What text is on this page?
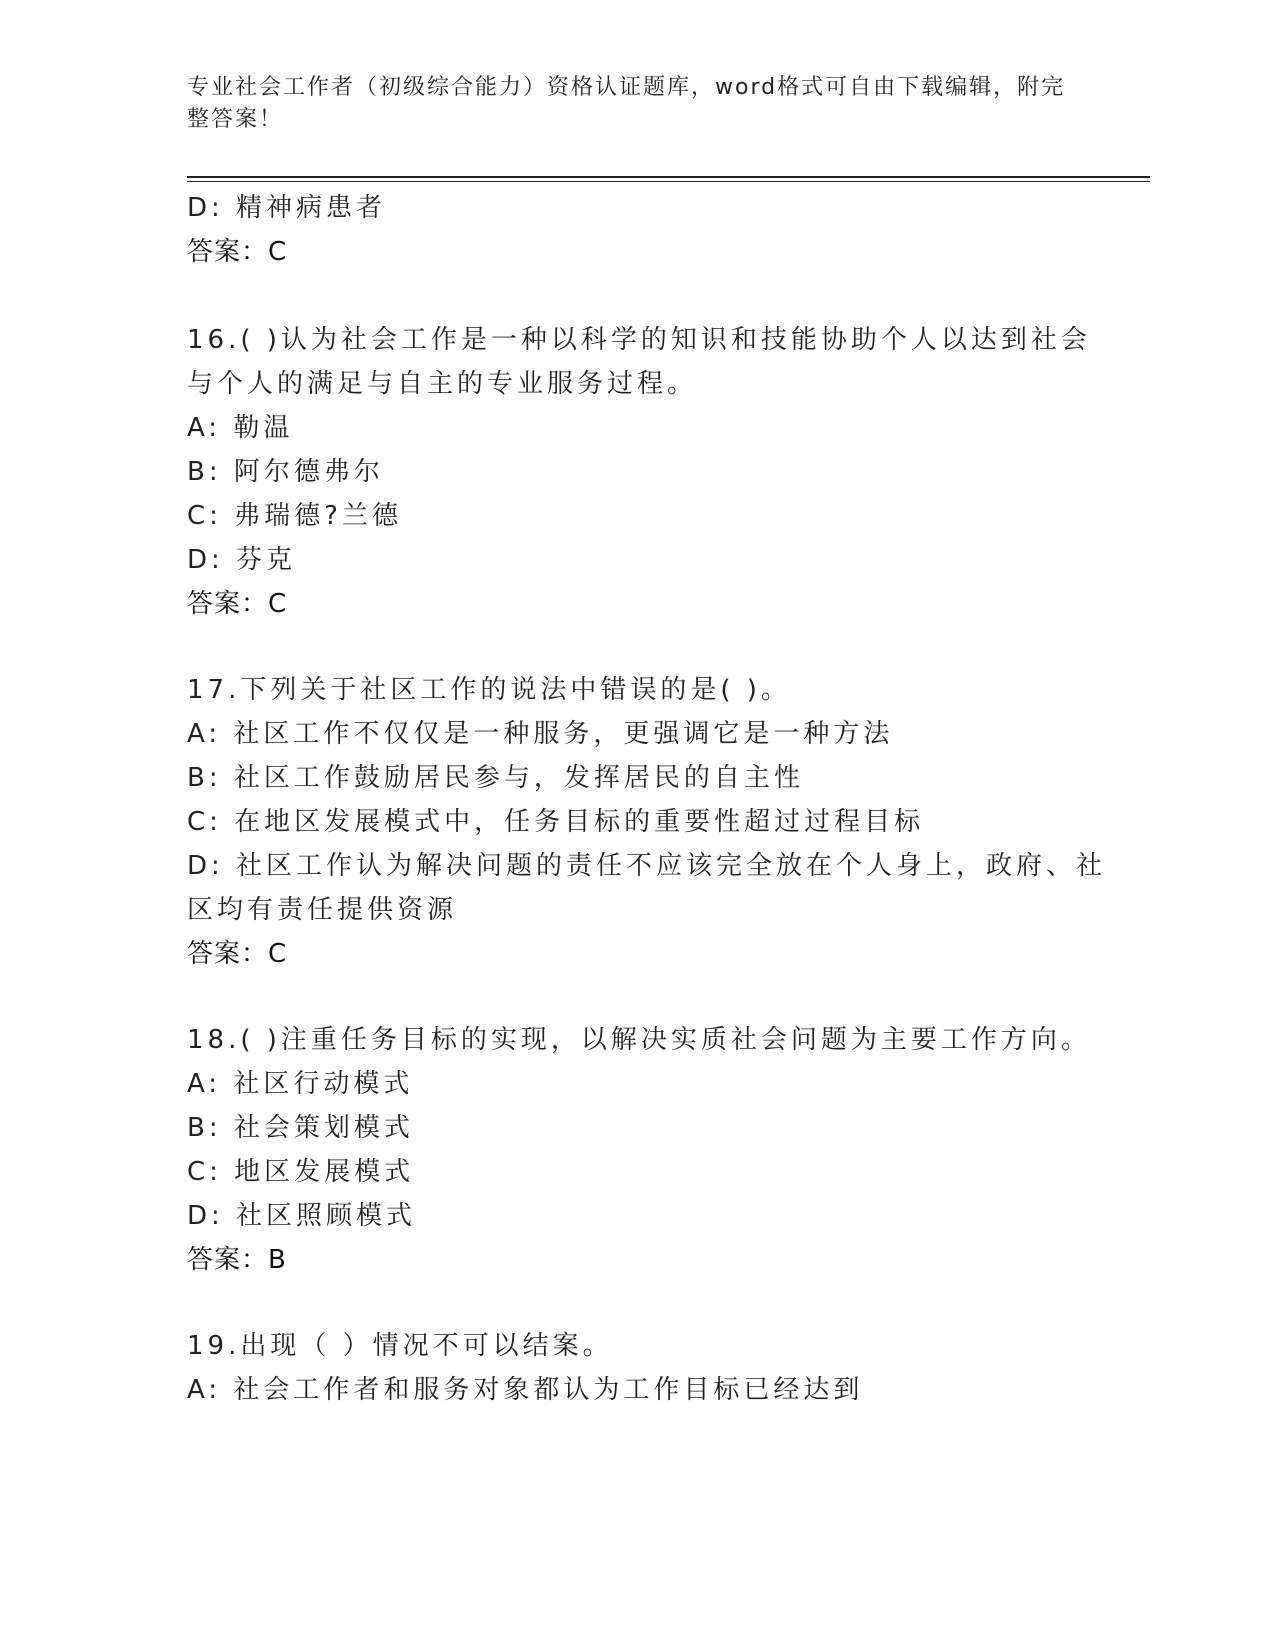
专业社会工作者（初级综合能力）资格认证题库，word格式可自由下载编辑，附完整答案！
D: 精神病患者
答案：C
16.( )认为社会工作是一种以科学的知识和技能协助个人以达到社会
与个人的满足与自主的专业服务过程。
A: 勒温
B: 阿尔德弗尔
C: 弗瑞德?兰德
D: 芬克
答案：C
17.下列关于社区工作的说法中错误的是( )。
A: 社区工作不仅仅是一种服务，更强调它是一种方法
B: 社区工作鼓励居民参与，发挥居民的自主性
C: 在地区发展模式中，任务目标的重要性超过过程目标
D: 社区工作认为解决问题的责任不应该完全放在个人身上，政府、社
区均有责任提供资源
答案：C
18.( )注重任务目标的实现，以解决实质社会问题为主要工作方向。
A: 社区行动模式
B: 社会策划模式
C: 地区发展模式
D: 社区照顾模式
答案：B
19.出现（ ）情况不可以结案。
A: 社会工作者和服务对象都认为工作目标已经达到
